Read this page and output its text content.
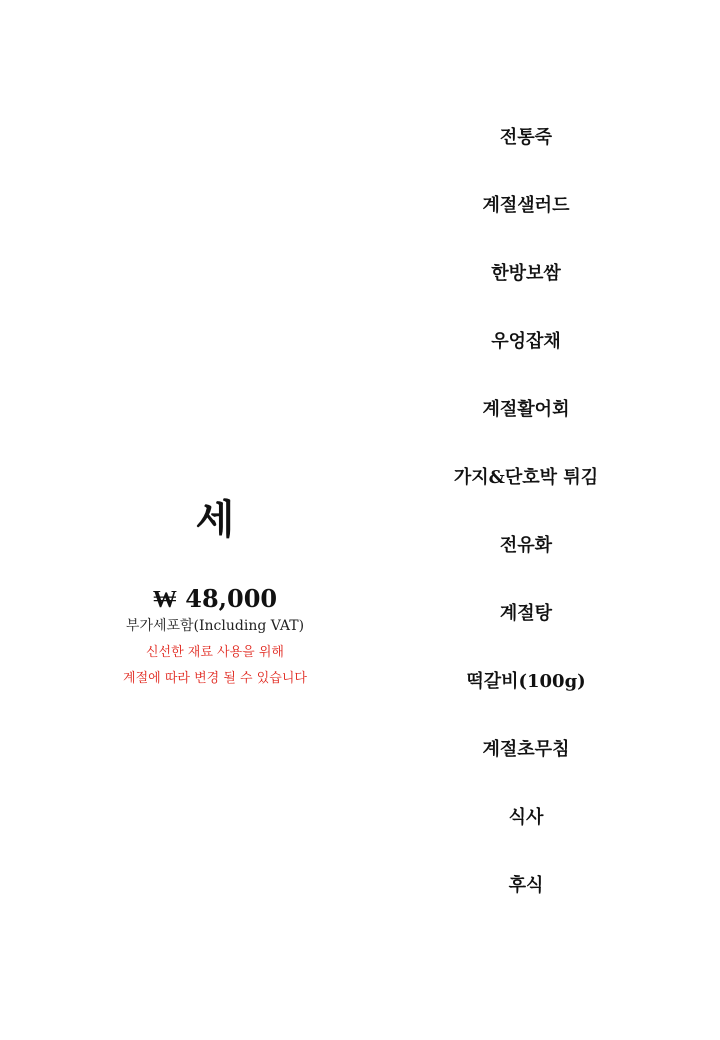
세
₩ 48,000
부가세포함(Including VAT)
신선한 재료 사용을 위해
계절에 따라 변경 될 수 있습니다
전통죽
계절샐러드
한방보쌈
우엉잡채
계절활어회
가지&단호박 튀김
전유화
계절탕
떡갈비(100g)
계절초무침
식사
후식
